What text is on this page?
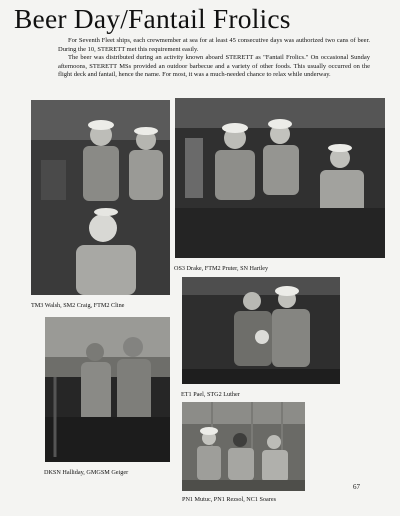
Beer Day/Fantail Frolics

For Seventh Fleet ships, each crewmember at sea for at least 45 consecutive days was authorized two cans of beer. During the 10, STERETT met this requirement easily.

The beer was distributed during an activity known aboard STERETT as "Fantail Frolics." On occasional Sunday afternoons, STERETT MSs provided an outdoor barbecue and a variety of other foods. This usually occurred on the flight deck and fantail, hence the name. For most, it was a much-needed chance to relax while underway.

OS3 Drake, FTM2 Pruter, SN Hartley
TM3 Walsh, SM2 Craig, FTM2 Cline
ET1 Pael, STG2 Luther
DKSN Halliday, GMGSM Geiger
PN1 Mutuc, PN1 Rezsol, NC1 Soares
67
